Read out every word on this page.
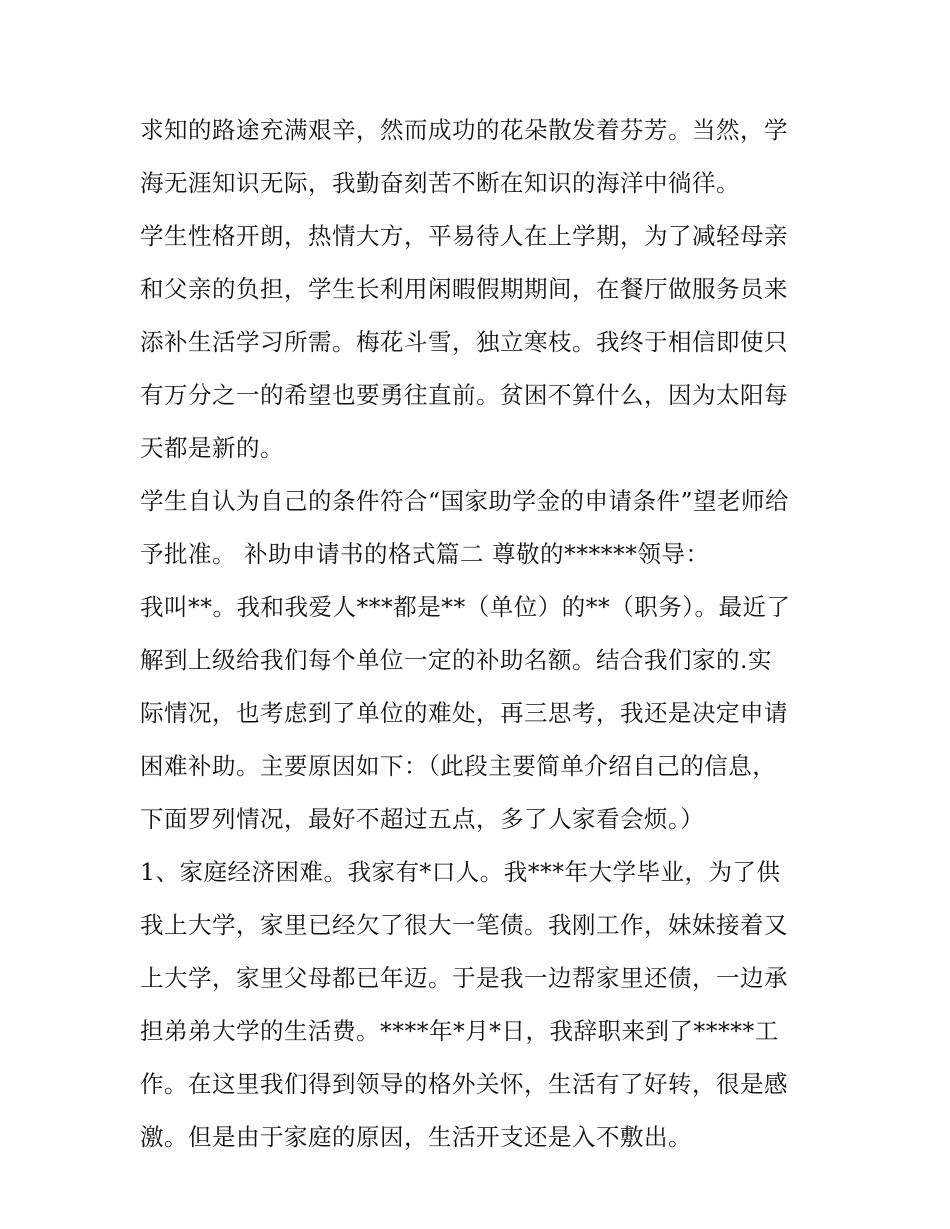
求知的路途充满艰辛，然而成功的花朵散发着芬芳。当然，学
海无涯知识无际，我勤奋刻苦不断在知识的海洋中徜徉。
学生性格开朗，热情大方，平易待人在上学期，为了减轻母亲
和父亲的负担，学生长利用闲暇假期期间，在餐厅做服务员来
添补生活学习所需。梅花斗雪，独立寒枝。我终于相信即使只
有万分之一的希望也要勇往直前。贫困不算什么，因为太阳每
天都是新的。
学生自认为自己的条件符合“国家助学金的申请条件”望老师给
予批准。 补助申请书的格式篇二 尊敬的******领导：
我叫**。我和我爱人***都是**（单位）的**（职务）。最近了
解到上级给我们每个单位一定的补助名额。结合我们家的.实
际情况，也考虑到了单位的难处，再三思考，我还是决定申请
困难补助。主要原因如下：（此段主要简单介绍自己的信息，
下面罗列情况，最好不超过五点，多了人家看会烦。）
1、家庭经济困难。我家有*口人。我***年大学毕业，为了供
我上大学，家里已经欠了很大一笔债。我刚工作，妹妹接着又
上大学，家里父母都已年迈。于是我一边帮家里还债，一边承
担弟弟大学的生活费。****年*月*日，我辞职来到了*****工
作。在这里我们得到领导的格外关怀，生活有了好转，很是感
激。但是由于家庭的原因，生活开支还是入不敷出。
